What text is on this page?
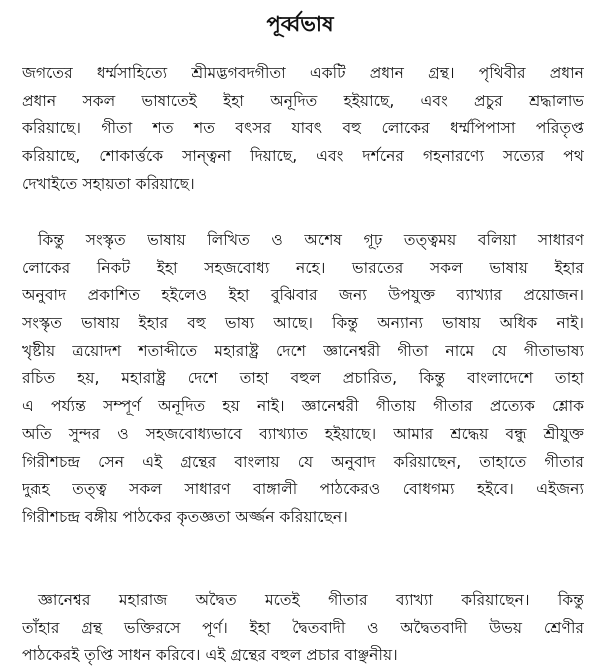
পূর্ব্বভাষ
জগতের ধর্ম্মসাহিত্যে শ্রীমদ্ভগবদগীতা একটি প্রধান গ্রন্থ। পৃথিবীর প্রধান
প্রধান সকল ভাষাতেই ইহা অনূদিত হইয়াছে, এবং প্রচুর শ্রদ্ধালাভ
করিয়াছে। গীতা শত শত বৎসর যাবৎ বহু লোকের ধর্ম্মপিপাসা পরিতৃপ্ত
করিয়াছে, শোকার্ত্তকে সান্ত্বনা দিয়াছে, এবং দর্শনের গহনারণ্যে সত্যের পথ
দেখাইতে সহায়তা করিয়াছে।
কিন্তু সংস্কৃত ভাষায় লিখিত ও অশেষ গূঢ় তত্ত্বময় বলিয়া সাধারণ
লোকের নিকট ইহা সহজবোধ্য নহে। ভারতের সকল ভাষায় ইহার
অনুবাদ প্রকাশিত হইলেও ইহা বুঝিবার জন্য উপযুক্ত ব্যাখ্যার প্রয়োজন।
সংস্কৃত ভাষায় ইহার বহু ভাষ্য আছে। কিন্তু অন্যান্য ভাষায় অধিক নাই।
খৃষ্টীয় ত্রয়োদশ শতাব্দীতে মহারাষ্ট্র দেশে জ্ঞানেশ্বরী গীতা নামে যে গীতাভাষ্য
রচিত হয়, মহারাষ্ট্র দেশে তাহা বহুল প্রচারিত, কিন্তু বাংলাদেশে তাহা
এ পর্য্যন্ত সম্পূর্ণ অনূদিত হয় নাই। জ্ঞানেশ্বরী গীতায় গীতার প্রত্যেক শ্লোক
অতি সুন্দর ও সহজবোধ্যভাবে ব্যাখ্যাত হইয়াছে। আমার শ্রদ্ধেয় বন্ধু শ্রীযুক্ত
গিরীশচন্দ্র সেন এই গ্রন্থের বাংলায় যে অনুবাদ করিয়াছেন, তাহাতে গীতার
দুরূহ তত্ত্ব সকল সাধারণ বাঙ্গালী পাঠকেরও বোধগম্য হইবে। এইজন্য
গিরীশচন্দ্র বঙ্গীয় পাঠকের কৃতজ্ঞতা অর্জ্জন করিয়াছেন।
জ্ঞানেশ্বর মহারাজ অদ্বৈত মতেই গীতার ব্যাখ্যা করিয়াছেন। কিন্তু
তাঁহার গ্রন্থ ভক্তিরসে পূর্ণ। ইহা দ্বৈতবাদী ও অদ্বৈতবাদী উভয় শ্রেণীর
পাঠকেরই তৃপ্তি সাধন করিবে। এই গ্রন্থের বহুল প্রচার বাঞ্ছনীয়।
